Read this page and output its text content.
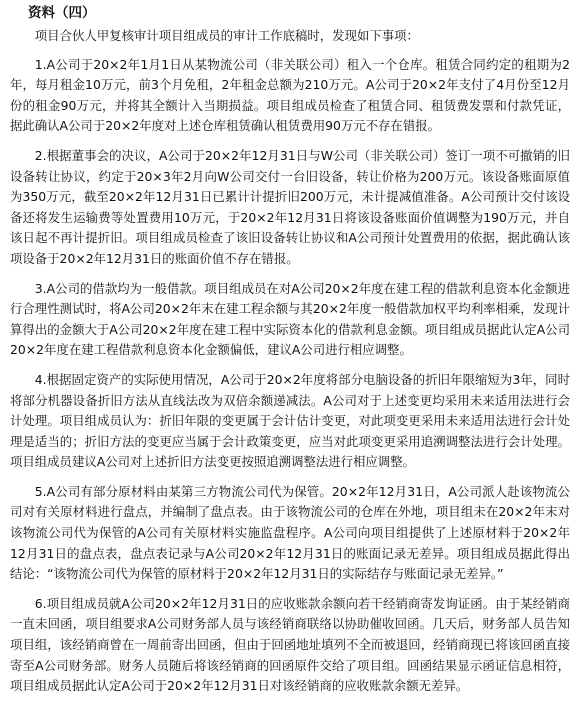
资料（四）

项目合伙人甲复核审计项目组成员的审计工作底稿时，发现如下事项：

1.A公司于20×2年1月1日从某物流公司（非关联公司）租入一个仓库。租赁合同约定的租期为2年，每月租金10万元，前3个月免租，2年租金总额为210万元。A公司于20×2年支付了4月份至12月份的租金90万元，并将其全额计入当期损益。项目组成员检查了租赁合同、租赁费发票和付款凭证，据此确认A公司于20×2年度对上述仓库租赁确认租赁费用90万元不存在错报。

2.根据董事会的决议，A公司于20×2年12月31日与W公司（非关联公司）签订一项不可撤销的旧设备转让协议，约定于20×3年2月向W公司交付一台旧设备，转让价格为200万元。该设备账面原值为350万元，截至20×2年12月31日已累计计提折旧200万元，未计提减值准备。A公司预计交付该设备还将发生运输费等处置费用10万元，于20×2年12月31日将该设备账面价值调整为190万元，并自该日起不再计提折旧。项目组成员检查了该旧设备转让协议和A公司预计处置费用的依据，据此确认该项设备于20×2年12月31日的账面价值不存在错报。

3.A公司的借款均为一般借款。项目组成员在对A公司20×2年度在建工程的借款利息资本化金额进行合理性测试时，将A公司20×2年末在建工程余额与其20×2年度一般借款加权平均利率相乘，发现计算得出的金额大于A公司20×2年度在建工程中实际资本化的借款利息金额。项目组成员据此认定A公司20×2年度在建工程借款利息资本化金额偏低，建议A公司进行相应调整。

4.根据固定资产的实际使用情况，A公司于20×2年度将部分电脑设备的折旧年限缩短为3年，同时将部分机器设备折旧方法从直线法改为双倍余额递减法。A公司对于上述变更均采用未来适用法进行会计处理。项目组成员认为：折旧年限的变更属于会计估计变更，对此项变更采用未来适用法进行会计处理是适当的；折旧方法的变更应当属于会计政策变更，应当对此项变更采用追溯调整法进行会计处理。项目组成员建议A公司对上述折旧方法变更按照追溯调整法进行相应调整。

5.A公司有部分原材料由某第三方物流公司代为保管。20×2年12月31日，A公司派人赴该物流公司对有关原材料进行盘点，并编制了盘点表。由于该物流公司的仓库在外地，项目组未在20×2年末对该物流公司代为保管的A公司有关原材料实施监盘程序。A公司向项目组提供了上述原材料于20×2年12月31日的盘点表，盘点表记录与A公司20×2年12月31日的账面记录无差异。项目组成员据此得出结论：“该物流公司代为保管的原材料于20×2年12月31日的实际结存与账面记录无差异。”

6.项目组成员就A公司20×2年12月31日的应收账款余额向若干经销商寄发询证函。由于某经销商一直未回函，项目组要求A公司财务部人员与该经销商联络以协助催收回函。几天后，财务部人员告知项目组，该经销商曾在一周前寄出回函，但由于回函地址填列不全而被退回，经销商现已将该回函直接寄至A公司财务部。财务人员随后将该经销商的回函原件交给了项目组。回函结果显示函证信息相符，项目组成员据此认定A公司于20×2年12月31日对该经销商的应收账款余额无差异。
